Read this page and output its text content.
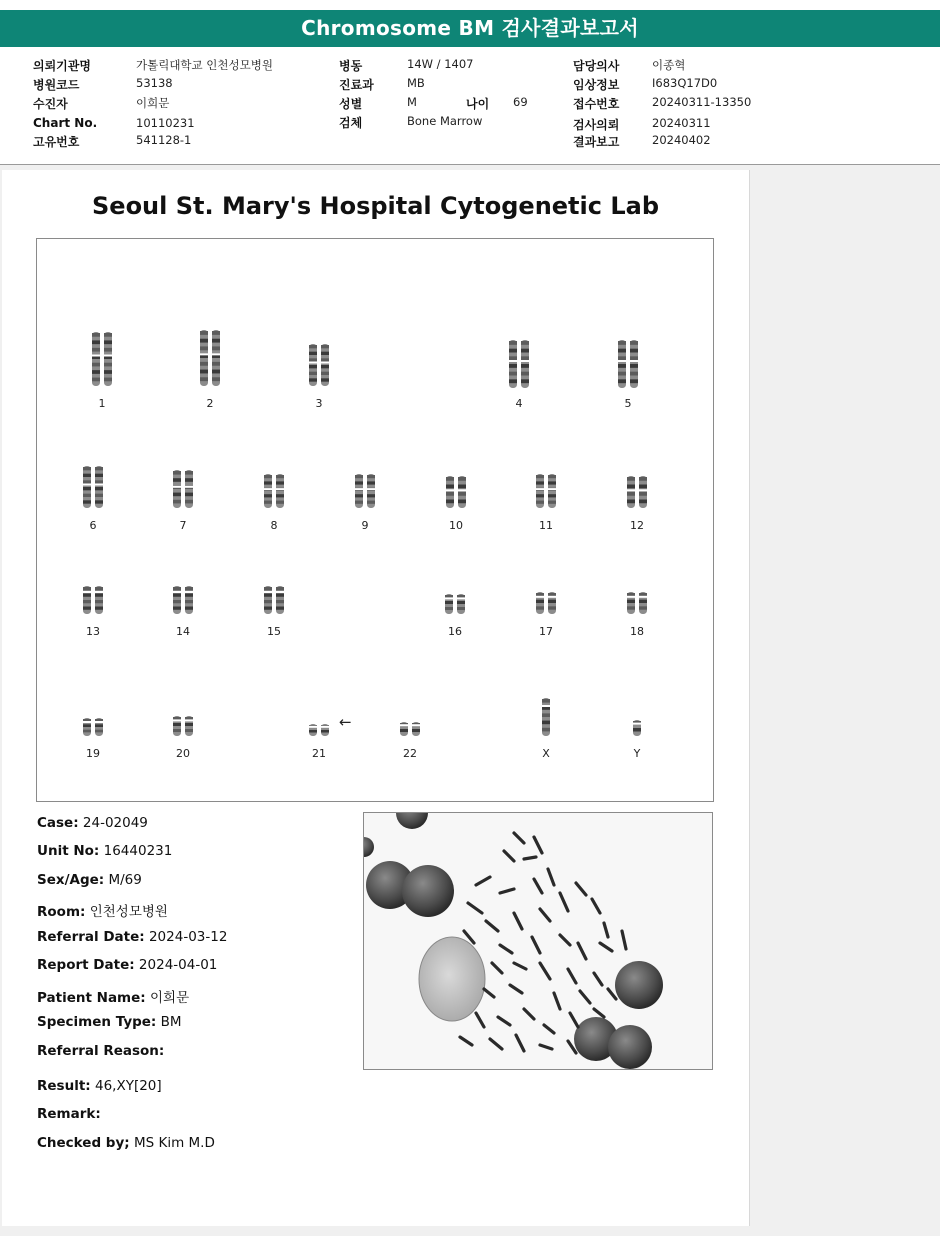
Chromosome BM 검사결과보고서
의뢰기관명	가톨릭대학교 인천성모병원
병원코드	53138
수진자	이희문
Chart No.	10110231
고유번호	541128-1
병동	14W / 1407
진료과	MB
성별	M	나이 69
검체	Bone Marrow
담당의사	이종혁
임상정보	I683Q17D0
접수번호	20240311-13350
검사의뢰	20240311
결과보고	20240402
Seoul St. Mary's Hospital Cytogenetic Lab
←
1	2	3	4	5
6	7	8	9	10	11	12
13	14	15	16	17	18
19	20	21	22	X	Y
Case: 24-02049
Unit No: 16440231
Sex/Age: M/69
Room: 인천성모병원
Referral Date: 2024-03-12
Report Date: 2024-04-01
Patient Name: 이희문
Specimen Type: BM
Referral Reason:
Result: 46,XY[20]
Remark:
Checked by; MS Kim M.D
